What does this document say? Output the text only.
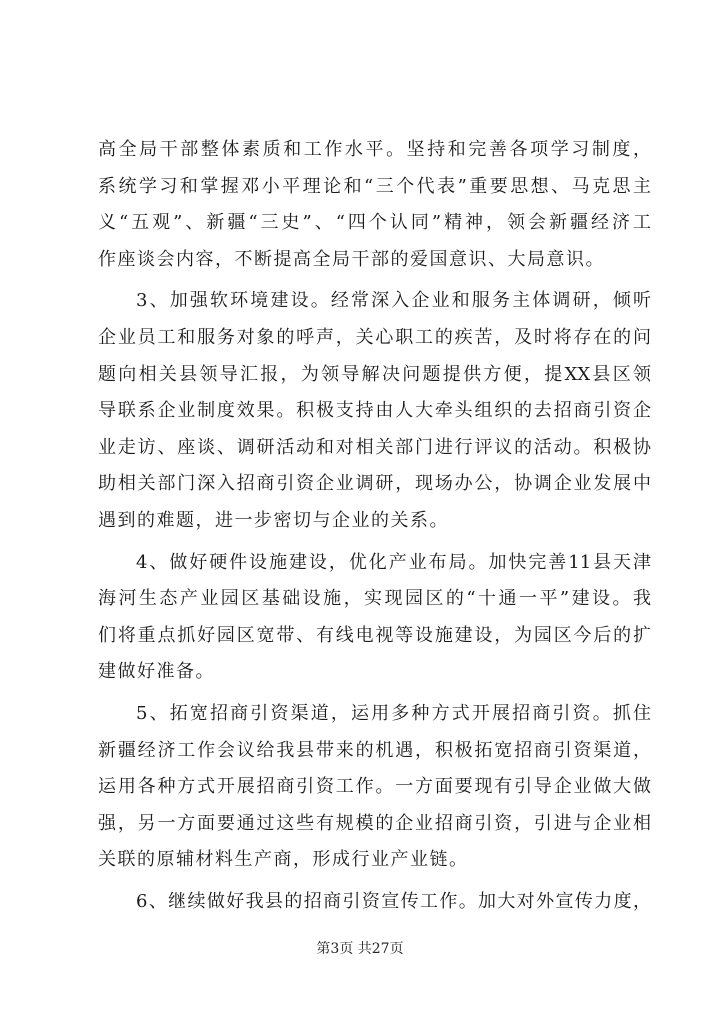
高全局干部整体素质和工作水平。坚持和完善各项学习制度，
系统学习和掌握邓小平理论和“三个代表”重要思想、马克思主
义“五观”、新疆“三史”、“四个认同”精神，领会新疆经济工
作座谈会内容，不断提高全局干部的爱国意识、大局意识。
3、加强软环境建设。经常深入企业和服务主体调研，倾听
企业员工和服务对象的呼声，关心职工的疾苦，及时将存在的问
题向相关县领导汇报，为领导解决问题提供方便，提XX县区领
导联系企业制度效果。积极支持由人大牵头组织的去招商引资企
业走访、座谈、调研活动和对相关部门进行评议的活动。积极协
助相关部门深入招商引资企业调研，现场办公，协调企业发展中
遇到的难题，进一步密切与企业的关系。
4、做好硬件设施建设，优化产业布局。加快完善11县天津
海河生态产业园区基础设施，实现园区的“十通一平”建设。我
们将重点抓好园区宽带、有线电视等设施建设，为园区今后的扩
建做好准备。
5、拓宽招商引资渠道，运用多种方式开展招商引资。抓住
新疆经济工作会议给我县带来的机遇，积极拓宽招商引资渠道，
运用各种方式开展招商引资工作。一方面要现有引导企业做大做
强，另一方面要通过这些有规模的企业招商引资，引进与企业相
关联的原辅材料生产商，形成行业产业链。
6、继续做好我县的招商引资宣传工作。加大对外宣传力度，
第3页 共27页
